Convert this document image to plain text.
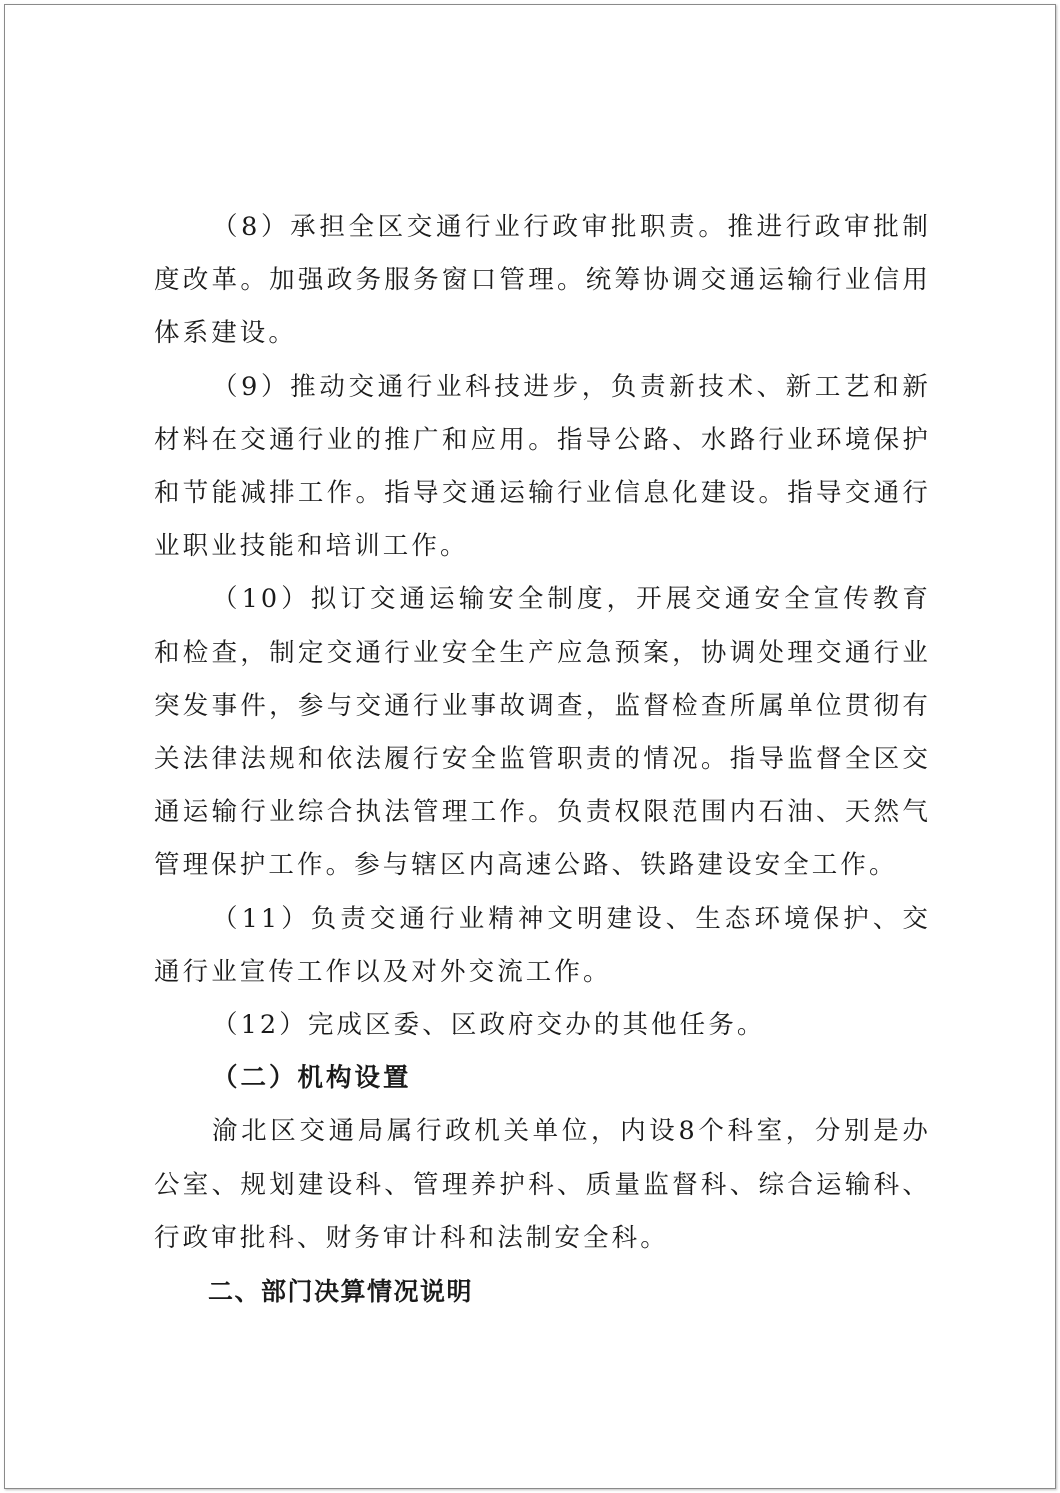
（8）承担全区交通行业行政审批职责。推进行政审批制度改革。加强政务服务窗口管理。统筹协调交通运输行业信用体系建设。

（9）推动交通行业科技进步，负责新技术、新工艺和新材料在交通行业的推广和应用。指导公路、水路行业环境保护和节能减排工作。指导交通运输行业信息化建设。指导交通行业职业技能和培训工作。

（10）拟订交通运输安全制度，开展交通安全宣传教育和检查，制定交通行业安全生产应急预案，协调处理交通行业突发事件，参与交通行业事故调查，监督检查所属单位贯彻有关法律法规和依法履行安全监管职责的情况。指导监督全区交通运输行业综合执法管理工作。负责权限范围内石油、天然气管理保护工作。参与辖区内高速公路、铁路建设安全工作。

（11）负责交通行业精神文明建设、生态环境保护、交通行业宣传工作以及对外交流工作。

（12）完成区委、区政府交办的其他任务。

（二）机构设置

渝北区交通局属行政机关单位，内设8个科室，分别是办公室、规划建设科、管理养护科、质量监督科、综合运输科、行政审批科、财务审计科和法制安全科。

二、部门决算情况说明
